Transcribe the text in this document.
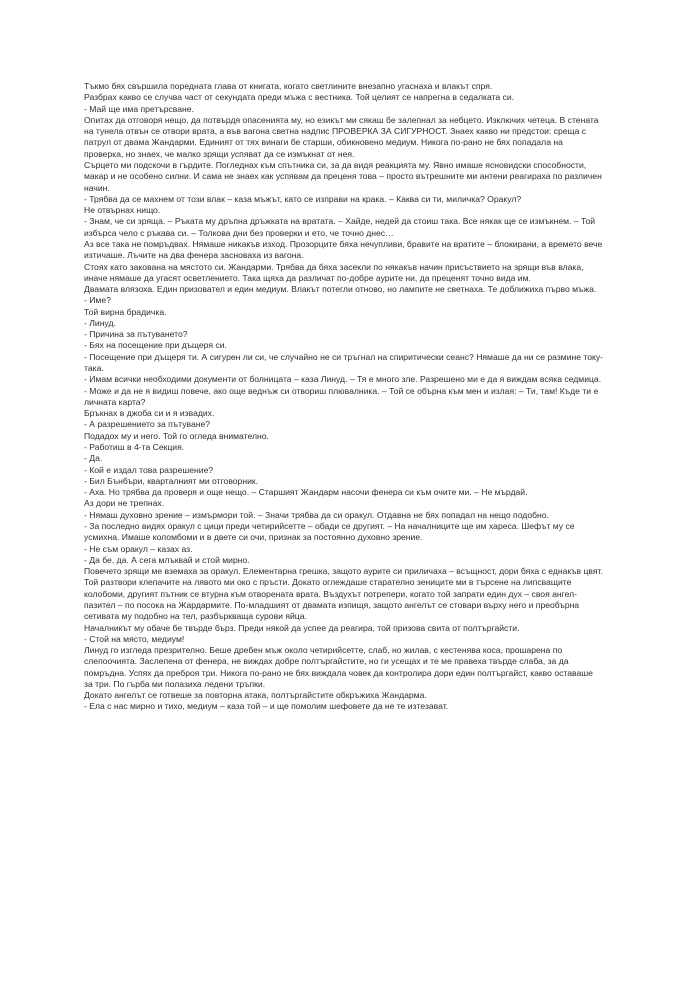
Тъкмо бях свършила поредната глава от книгата, когато светлините внезапно угаснаха и влакът спря.

Разбрах какво се случва част от секундата преди мъжа с вестника. Той целият се напрегна в седалката си.

- Май ще има претърсване.

Опитах да отговоря нещо, да потвърдя опасенията му, но езикът ми сякаш бе залепнал за небцето. Изключих четеца. В стената на тунела отвън се отвори врата, а във вагона светна надпис ПРОВЕРКА ЗА СИГУРНОСТ. Знаех какво ни предстои: среща с патрул от двама Жандарми. Единият от тях винаги бе старши, обикновено медиум. Никога по-рано не бях попадала на проверка, но знаех, че малко зрящи успяват да се измъкнат от нея.

Сърцето ми подскочи в гърдите. Погледнах към спътника си, за да видя реакцията му. Явно имаше ясновидски способности, макар и не особено силни. И сама не знаех как успявам да преценя това – просто вътрешните ми антени реагираха по различен начин.

- Трябва да се махнем от този влак – каза мъжът, като се изправи на крака. – Каква си ти, миличка? Оракул?

Не отвърнах нищо.

- Знам, че си зряща. – Ръката му дръпна дръжката на вратата. – Хайде, недей да стоиш така. Все някак ще се измъкнем. – Той избърса чело с ръкава си. – Толкова дни без проверки и ето, че точно днес…

Аз все така не помръдвах. Нямаше никакъв изход. Прозорците бяха нечупливи, бравите на вратите – блокирани, а времето вече изтичаше. Лъчите на два фенера заснoваха из вагона.

Стоях като закована на мястото си. Жандарми. Трябва да бяха засекли по някакъв начин присъствието на зрящи във влака, иначе нямаше да угасят осветлението. Така щяха да различат по-добре аурите ни, да преценят точно вида им.

Двамата влязоха. Един призовател и един медиум. Влакът потегли отново, но лампите не светнаха. Те доближиха първо мъжа.

- Име?

Той вирна брадичка.

- Линуд.

- Причина за пътуването?

- Бях на посещение при дъщеря си.

- Посещение при дъщеря ти. А сигурен ли си, че случайно не си тръгнал на спиритически сеанс? Нямаше да ни се размине току-така.

- Имам всички необходими документи от болницата – каза Линуд. – Тя е много зле. Разрешено ми е да я виждам всяка седмица.

- Може и да не я видиш повече, ако още веднъж си отвориш плювалника. – Той се обърна към мен и излая: – Ти, там! Къде ти е личната карта?

Бръкнах в джоба си и я извадих.

- А разрешението за пътуване?

Подадох му и него. Той го огледа внимателно.

- Работиш в 4-та Секция.

- Да.

- Кой е издал това разрешение?

- Бил Бънбъри, кварталният ми отговорник.

- Аха. Но трябва да проверя и още нещо. – Старшият Жандарм насочи фенера си към очите ми. – Не мърдай.

Аз дори не трепнах.

- Нямаш духовно зрение – измърмори той. – Значи трябва да си оракул. Отдавна не бях попадал на нещо подобно.

- За последно видях оракул с цици преди четирийсетте – обади се другият. – На началниците ще им хареса. Шефът му се усмихна. Имаше коломбоми и в двете си очи, признак за постоянно духовно зрение.

- Не съм оракул – казах аз.

- Да бе, да. А сега млъквай и стой мирно.

Повечето зрящи ме вземаха за оракул. Елементарна грешка, защото аурите си приличаха – всъщност, дори бяха с еднакъв цвят.

Той разтвори клепачите на лявото ми око с пръсти. Докато оглеждаше старателно зениците ми в търсене на липсващите колобоми, другият пътник се втурна към отворената врата. Въздухът потрепери, когато той запрати един дух – своя ангел-пазител – по посока на Жардармите. По-младшият от двамата изпищя, защото ангелът се стовари върху него и преобърна сетивата му подобно на тел, разбъркваща сурови яйца.

Началникът му обаче бе твърде бърз. Преди някой да успее да реагира, той призова свита от полтъргайсти.

- Стой на място, медиум!

Линуд го изгледа презрително. Беше дребен мъж около четирийсетте, слаб, но жилав, с кестенява коса, прошарена по слепоочията. Заслепена от фенера, не виждах добре полтъргайстите, но ги усещах и те ме правеха твърде слаба, за да помръдна. Успях да преброя три. Никога по-рано не бях виждала човек да контролира дори един полтъргайст, какво оставаше за три. По гърба ми полазиха ледени тръпки.

Докато ангелът се готвеше за повторна атака, полтъргайстите обкръжиха Жандарма.

- Ела с нас мирно и тихо, медиум – каза той – и ще помолим шефовете да не те изтезават.
